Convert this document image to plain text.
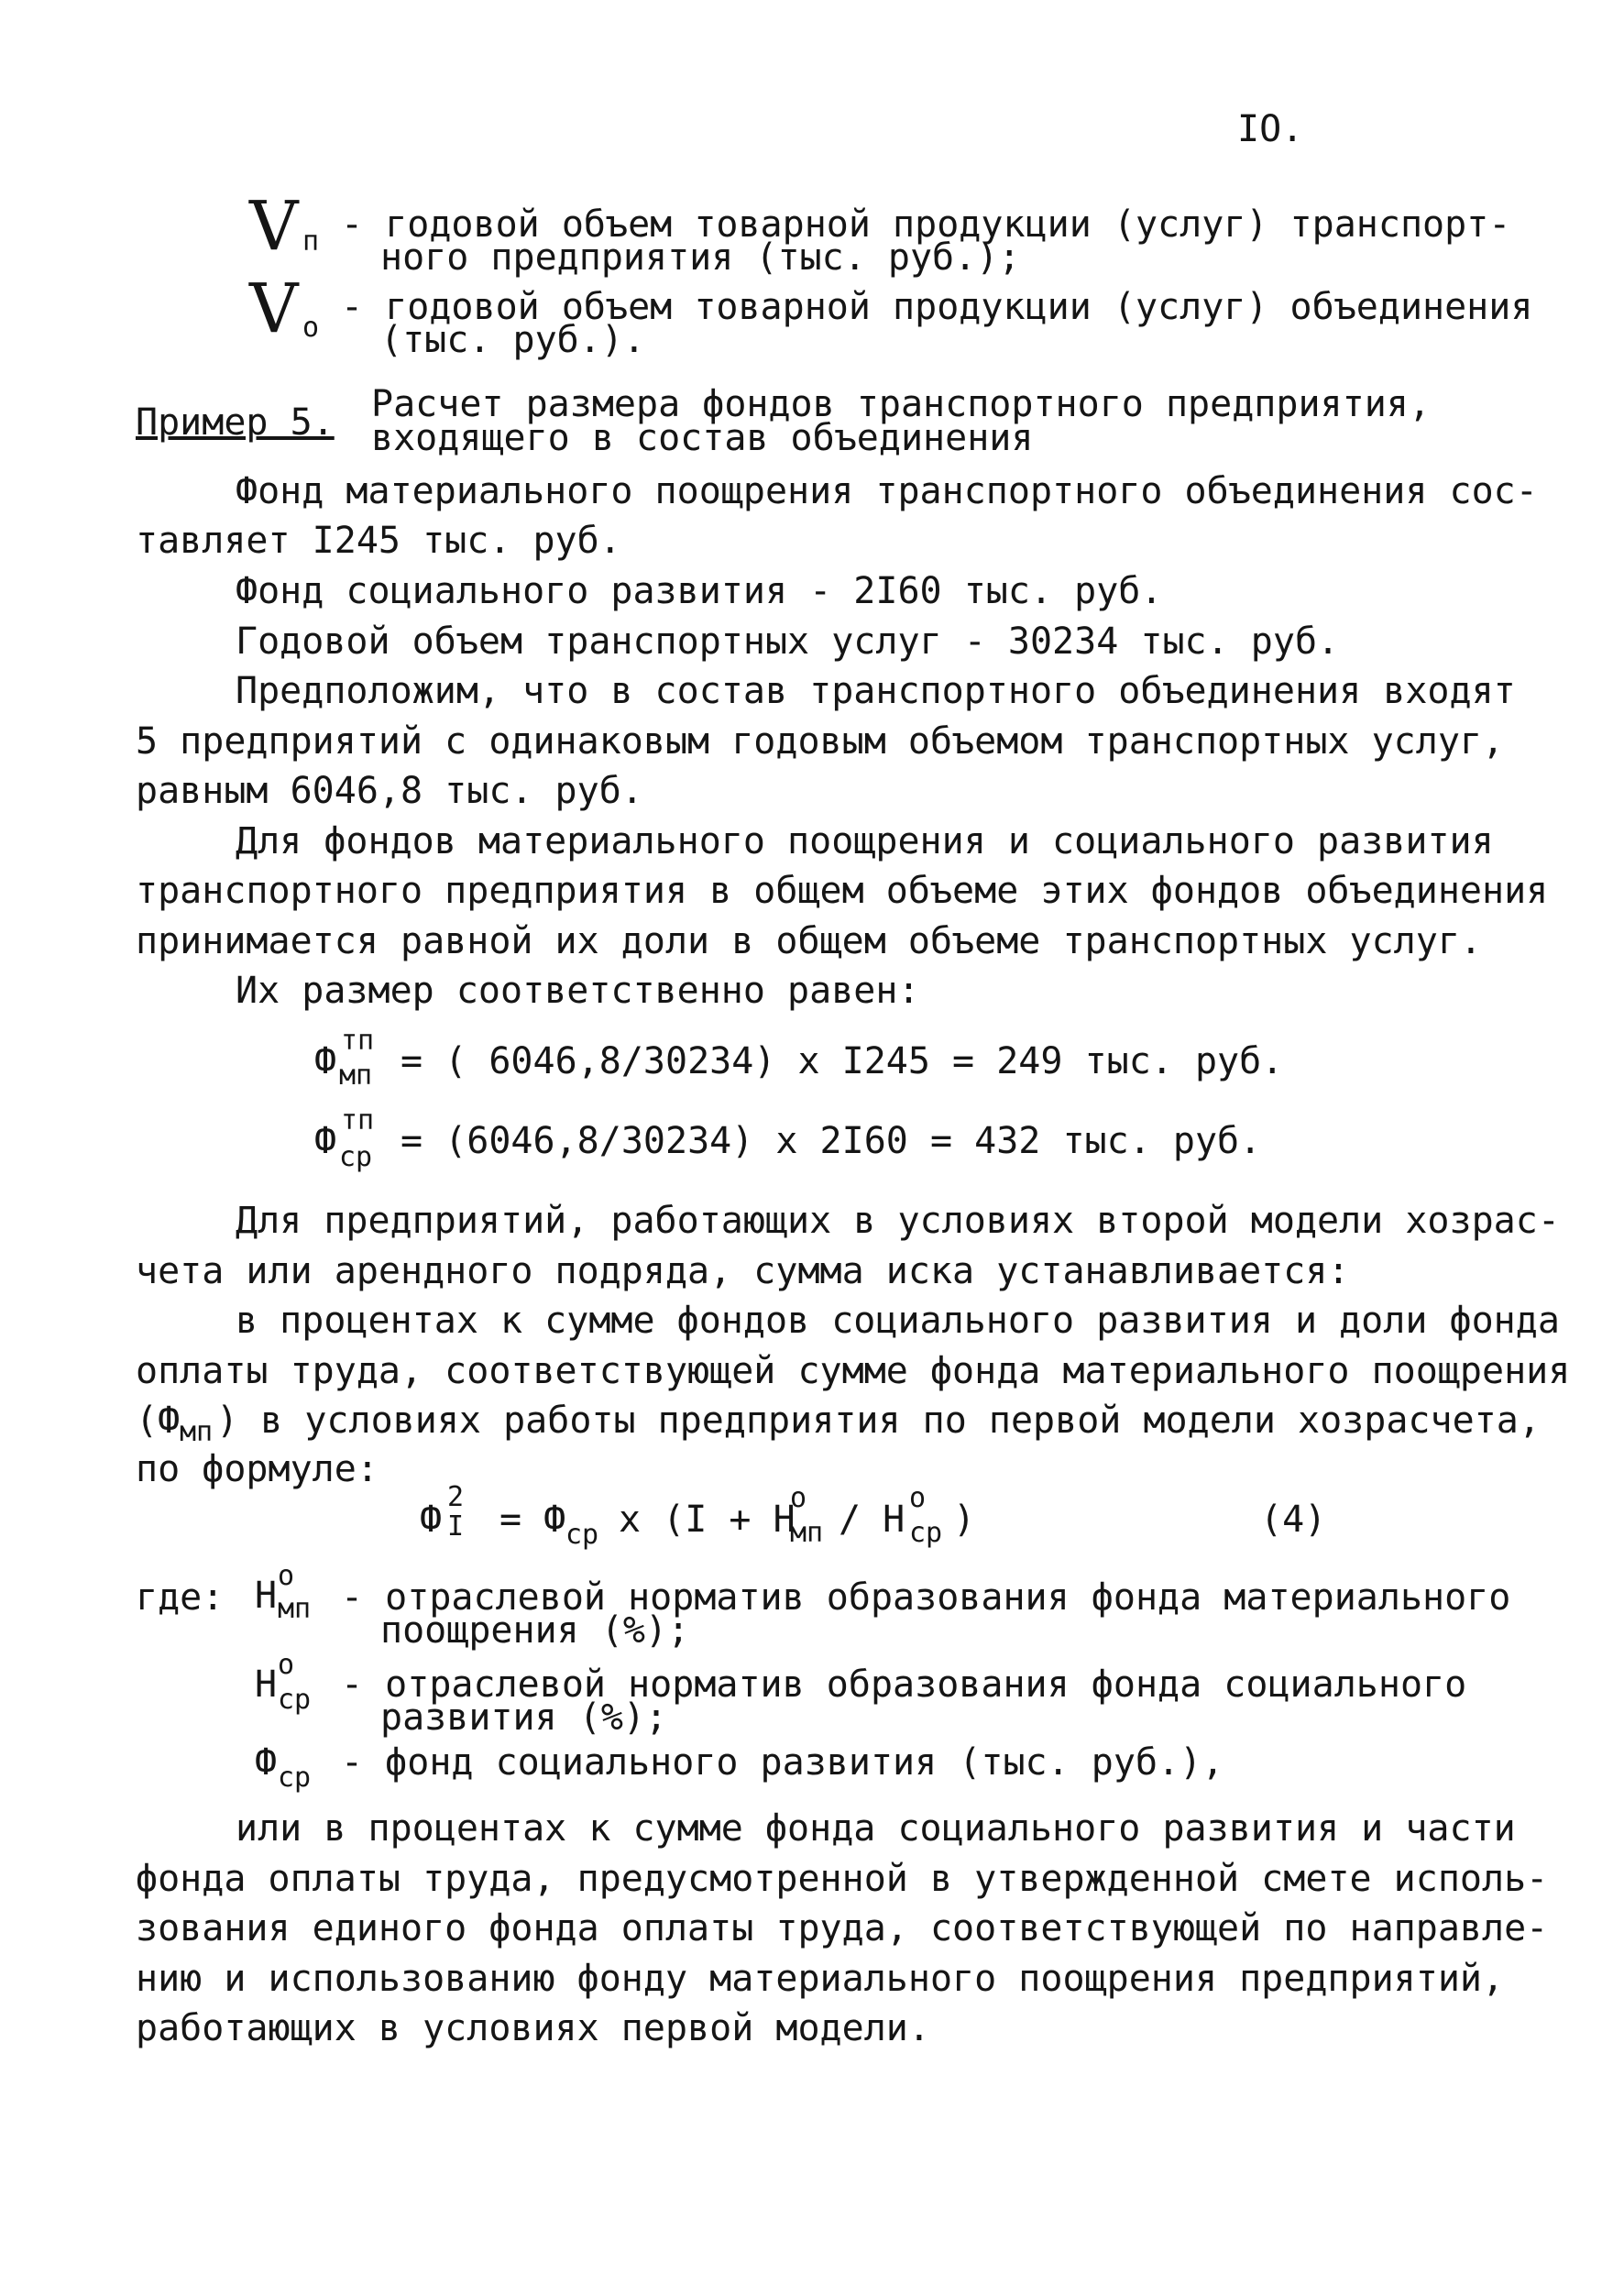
IO.
V п - годовой объем товарной продукции (услуг) транспорт-
ного предприятия (тыс. руб.);
V о - годовой объем товарной продукции (услуг) объединения
(тыс. руб.).
Пример 5. Расчет размера фондов транспортного предприятия,
входящего в состав объединения
Фонд материального поощрения транспортного объединения сос-
тавляет I245 тыс. руб.
Фонд социального развития - 2I60 тыс. руб.
Годовой объем транспортных услуг - 30234 тыс. руб.
Предположим, что в состав транспортного объединения входят
5 предприятий с одинаковым годовым объемом транспортных услуг,
равным 6046,8 тыс. руб.
Для фондов материального поощрения и социального развития
транспортного предприятия в общем объеме этих фондов объединения
принимается равной их доли в общем объеме транспортных услуг.
Их размер соответственно равен:
Ф тп
мп = ( 6046,8/30234) x I245 = 249 тыс. руб.
Ф тп
ср = (6046,8/30234) x 2I60 = 432 тыс. руб.
Для предприятий, работающих в условиях второй модели хозрас-
чета или арендного подряда, сумма иска устанавливается:
в процентах к сумме фондов социального развития и доли фонда
оплаты труда, соответствующей сумме фонда материального поощрения
(Ф мп ) в условиях работы предприятия по первой модели хозрасчета,
по формуле:
Ф
2
I = Ф ср x (I + Н
о
мп / Н
о
ср )	(4)
где: Н о
мп - отраслевой норматив образования фонда материального
поощрения (%);
Н о
ср - отраслевой норматив образования фонда социального
развития (%);
Ф ср - фонд социального развития (тыс. руб.),
или в процентах к сумме фонда социального развития и части
фонда оплаты труда, предусмотренной в утвержденной смете исполь-
зования единого фонда оплаты труда, соответствующей по направле-
нию и использованию фонду материального поощрения предприятий,
работающих в условиях первой модели.
